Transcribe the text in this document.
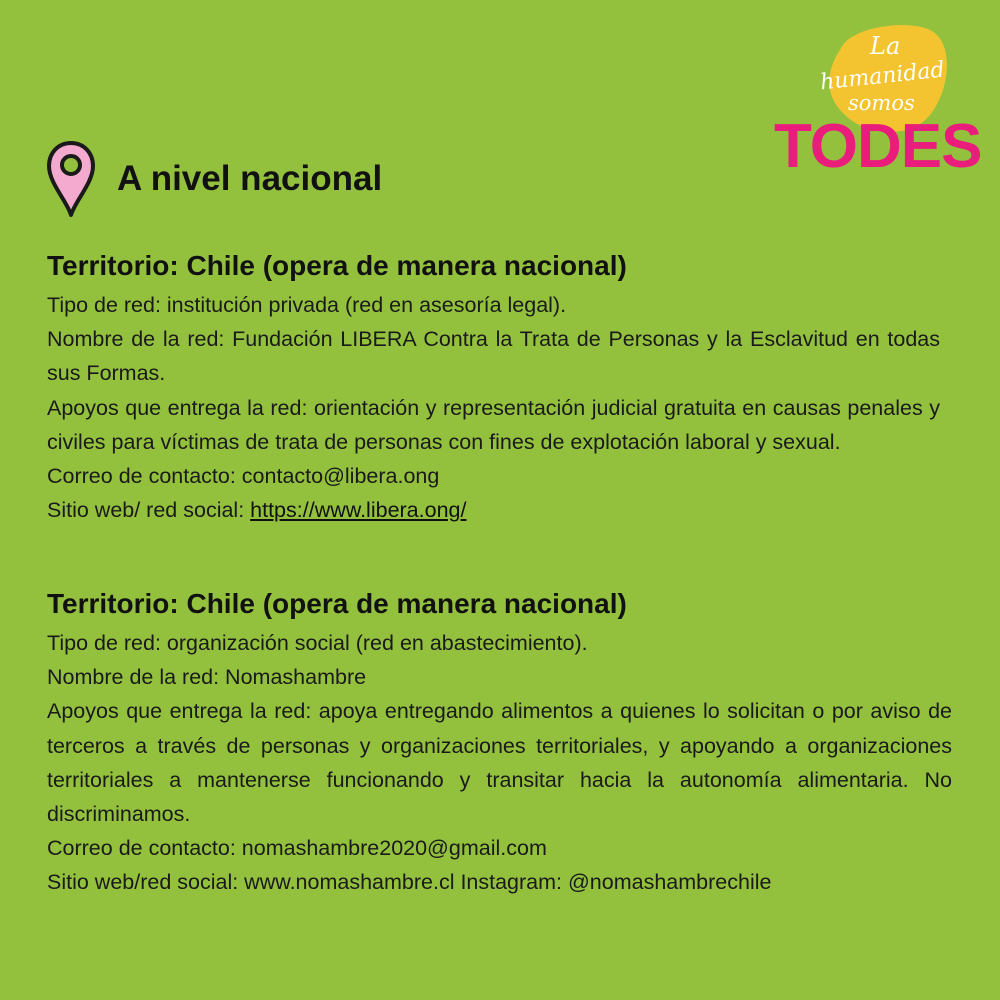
La
humanidad
somos
TODES
A nivel nacional
Territorio: Chile (opera de manera nacional)

Tipo de red: institución privada (red en asesoría legal).

Nombre de la red: Fundación LIBERA Contra la Trata de Personas y la Esclavitud en todas sus Formas.

Apoyos que entrega la red: orientación y representación judicial gratuita en causas penales y civiles para víctimas de trata de personas con fines de explotación laboral y sexual.

Correo de contacto: contacto@libera.ong

Sitio web/ red social: https://www.libera.ong/

Territorio: Chile (opera de manera nacional)

Tipo de red: organización social (red en abastecimiento).

Nombre de la red: Nomashambre

Apoyos que entrega la red: apoya entregando alimentos a quienes lo solicitan o por aviso de terceros a través de personas y organizaciones territoriales, y apoyando a organizaciones territoriales a mantenerse funcionando y transitar hacia la autonomía alimentaria. No discriminamos.

Correo de contacto: nomashambre2020@gmail.com

Sitio web/red social: www.nomashambre.cl Instagram: @nomashambrechile
